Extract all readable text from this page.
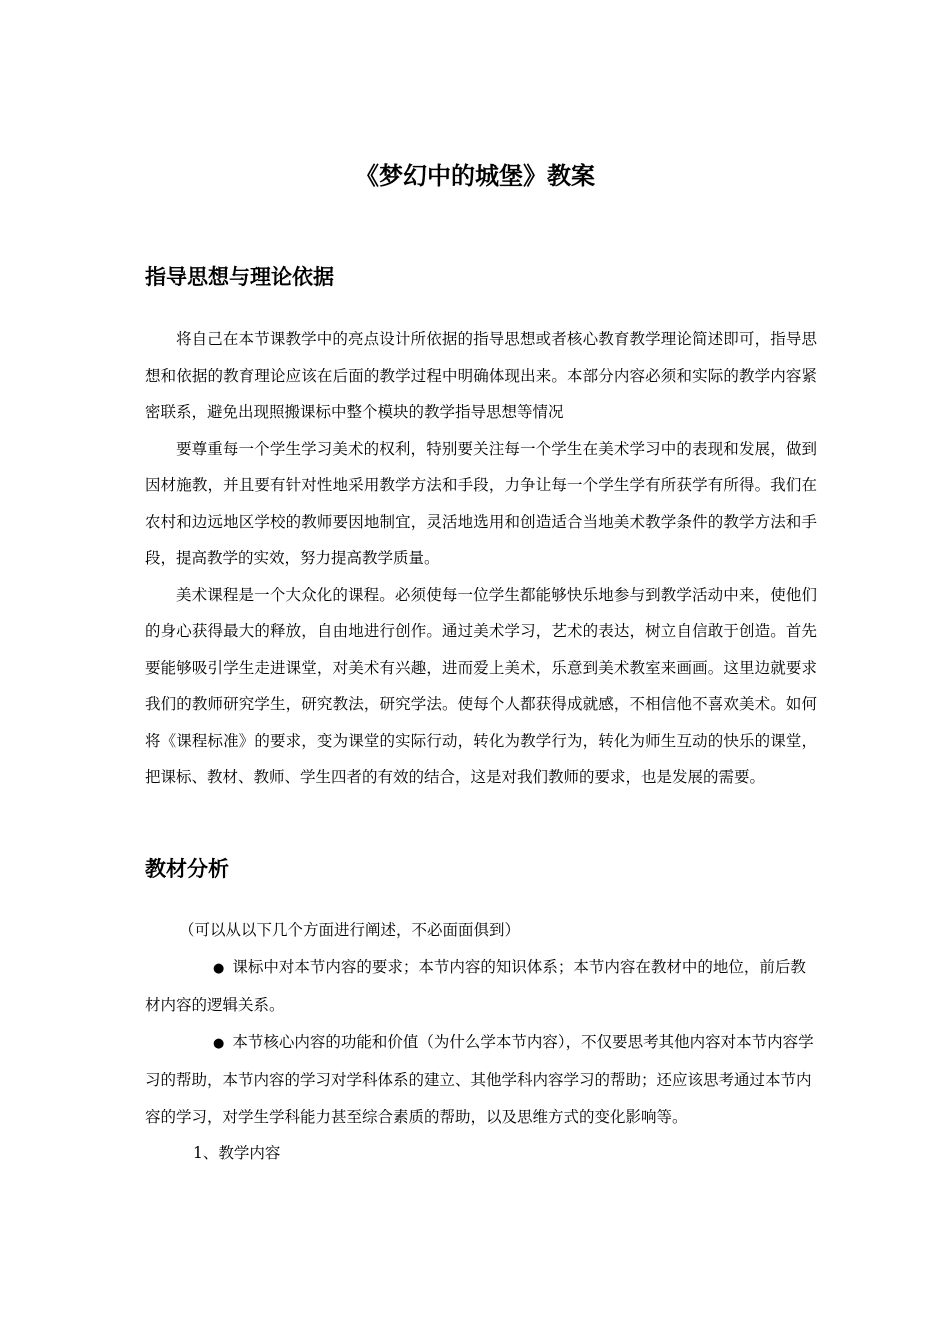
《梦幻中的城堡》教案
指导思想与理论依据

将自己在本节课教学中的亮点设计所依据的指导思想或者核心教育教学理论简述即可，指导思想和依据的教育理论应该在后面的教学过程中明确体现出来。本部分内容必须和实际的教学内容紧密联系，避免出现照搬课标中整个模块的教学指导思想等情况

要尊重每一个学生学习美术的权利，特别要关注每一个学生在美术学习中的表现和发展，做到因材施教，并且要有针对性地采用教学方法和手段，力争让每一个学生学有所获学有所得。我们在农村和边远地区学校的教师要因地制宜，灵活地选用和创造适合当地美术教学条件的教学方法和手段，提高教学的实效，努力提高教学质量。

美术课程是一个大众化的课程。必须使每一位学生都能够快乐地参与到教学活动中来，使他们的身心获得最大的释放，自由地进行创作。通过美术学习，艺术的表达，树立自信敢于创造。首先要能够吸引学生走进课堂，对美术有兴趣，进而爱上美术，乐意到美术教室来画画。这里边就要求我们的教师研究学生，研究教法，研究学法。使每个人都获得成就感，不相信他不喜欢美术。如何将《课程标准》的要求，变为课堂的实际行动，转化为教学行为，转化为师生互动的快乐的课堂，把课标、教材、教师、学生四者的有效的结合，这是对我们教师的要求，也是发展的需要。

教材分析

（可以从以下几个方面进行阐述，不必面面俱到）

● 课标中对本节内容的要求；本节内容的知识体系；本节内容在教材中的地位，前后教材内容的逻辑关系。

● 本节核心内容的功能和价值（为什么学本节内容），不仅要思考其他内容对本节内容学习的帮助，本节内容的学习对学科体系的建立、其他学科内容学习的帮助；还应该思考通过本节内容的学习，对学生学科能力甚至综合素质的帮助，以及思维方式的变化影响等。

1、教学内容
